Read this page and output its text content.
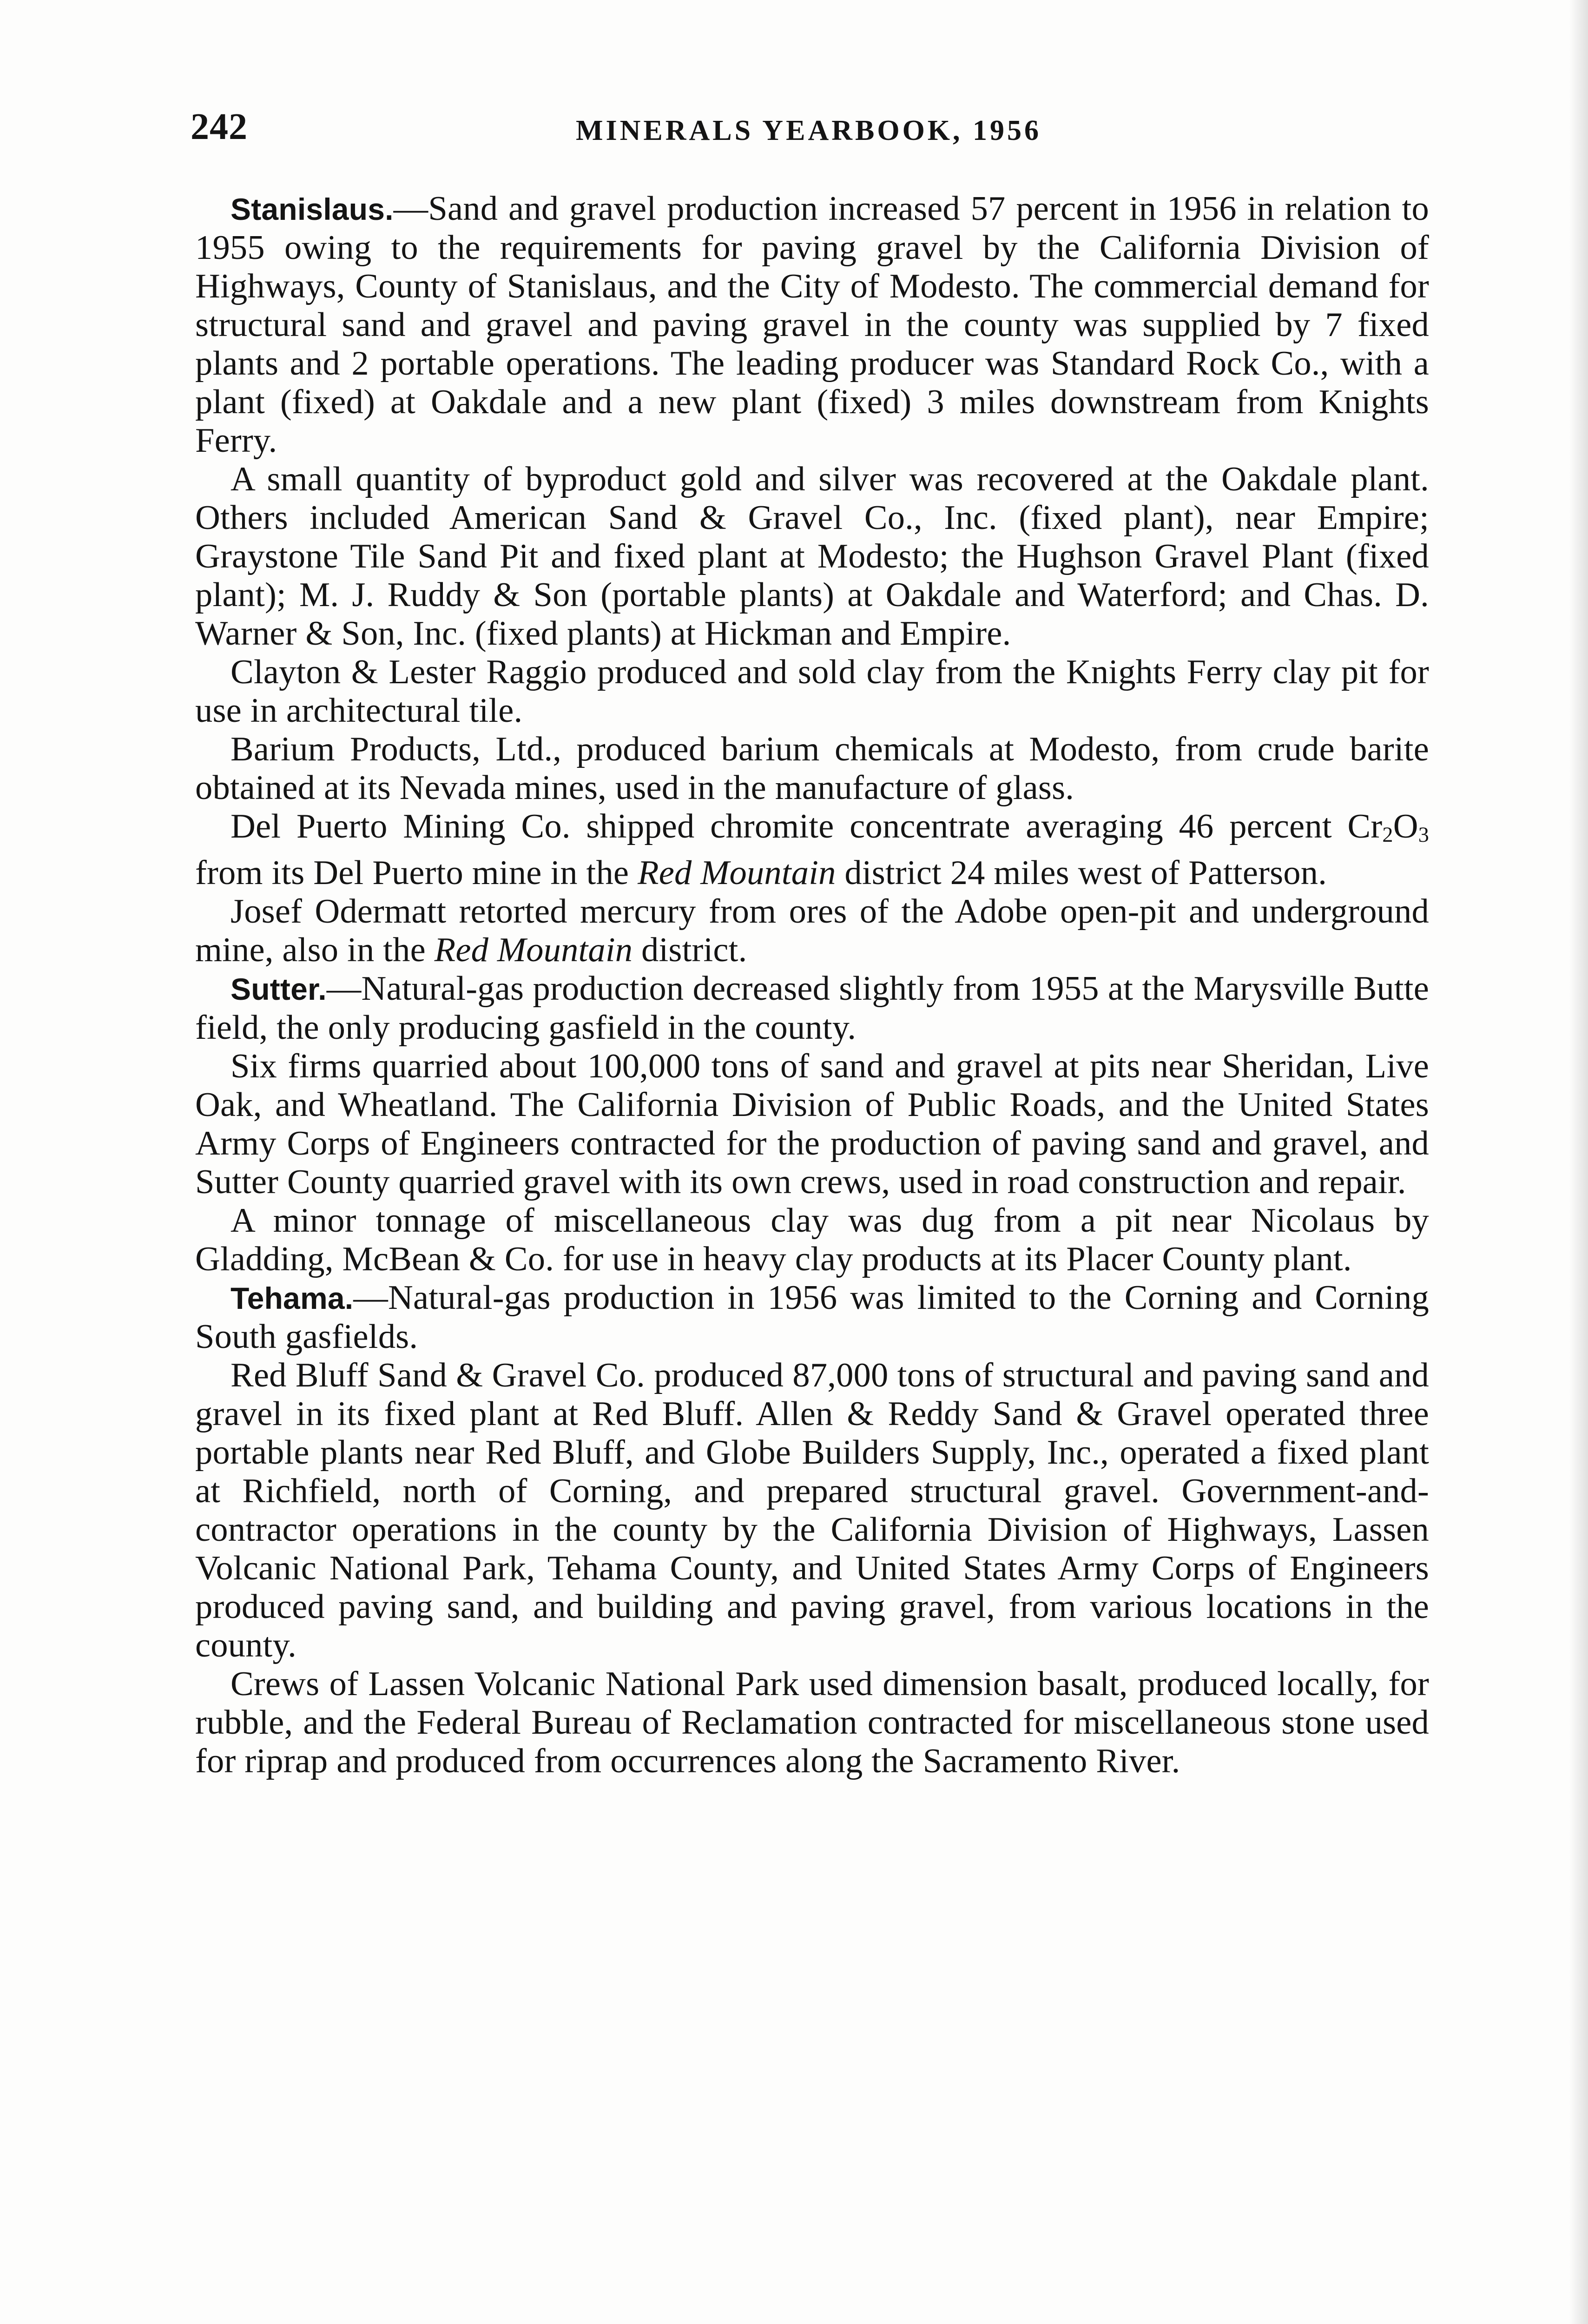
242	MINERALS YEARBOOK, 1956

Stanislaus.—Sand and gravel production increased 57 percent in 1956 in relation to 1955 owing to the requirements for paving gravel by the California Division of Highways, County of Stanislaus, and the City of Modesto. The commercial demand for structural sand and gravel and paving gravel in the county was supplied by 7 fixed plants and 2 portable operations. The leading producer was Standard Rock Co., with a plant (fixed) at Oakdale and a new plant (fixed) 3 miles downstream from Knights Ferry.

A small quantity of byproduct gold and silver was recovered at the Oakdale plant. Others included American Sand & Gravel Co., Inc. (fixed plant), near Empire; Graystone Tile Sand Pit and fixed plant at Modesto; the Hughson Gravel Plant (fixed plant); M. J. Ruddy & Son (portable plants) at Oakdale and Waterford; and Chas. D. Warner & Son, Inc. (fixed plants) at Hickman and Empire.

Clayton & Lester Raggio produced and sold clay from the Knights Ferry clay pit for use in architectural tile.

Barium Products, Ltd., produced barium chemicals at Modesto, from crude barite obtained at its Nevada mines, used in the manufacture of glass.

Del Puerto Mining Co. shipped chromite concentrate averaging 46 percent $Cr_2O_3$ from its Del Puerto mine in the Red Mountain district 24 miles west of Patterson.

Josef Odermatt retorted mercury from ores of the Adobe open-pit and underground mine, also in the Red Mountain district.

Sutter.—Natural-gas production decreased slightly from 1955 at the Marysville Butte field, the only producing gasfield in the county.

Six firms quarried about 100,000 tons of sand and gravel at pits near Sheridan, Live Oak, and Wheatland. The California Division of Public Roads, and the United States Army Corps of Engineers contracted for the production of paving sand and gravel, and Sutter County quarried gravel with its own crews, used in road construction and repair.

A minor tonnage of miscellaneous clay was dug from a pit near Nicolaus by Gladding, McBean & Co. for use in heavy clay products at its Placer County plant.

Tehama.—Natural-gas production in 1956 was limited to the Corning and Corning South gasfields.

Red Bluff Sand & Gravel Co. produced 87,000 tons of structural and paving sand and gravel in its fixed plant at Red Bluff. Allen & Reddy Sand & Gravel operated three portable plants near Red Bluff, and Globe Builders Supply, Inc., operated a fixed plant at Richfield, north of Corning, and prepared structural gravel. Government-and-contractor operations in the county by the California Division of Highways, Lassen Volcanic National Park, Tehama County, and United States Army Corps of Engineers produced paving sand, and building and paving gravel, from various locations in the county.

Crews of Lassen Volcanic National Park used dimension basalt, produced locally, for rubble, and the Federal Bureau of Reclamation contracted for miscellaneous stone used for riprap and produced from occurrences along the Sacramento River.
